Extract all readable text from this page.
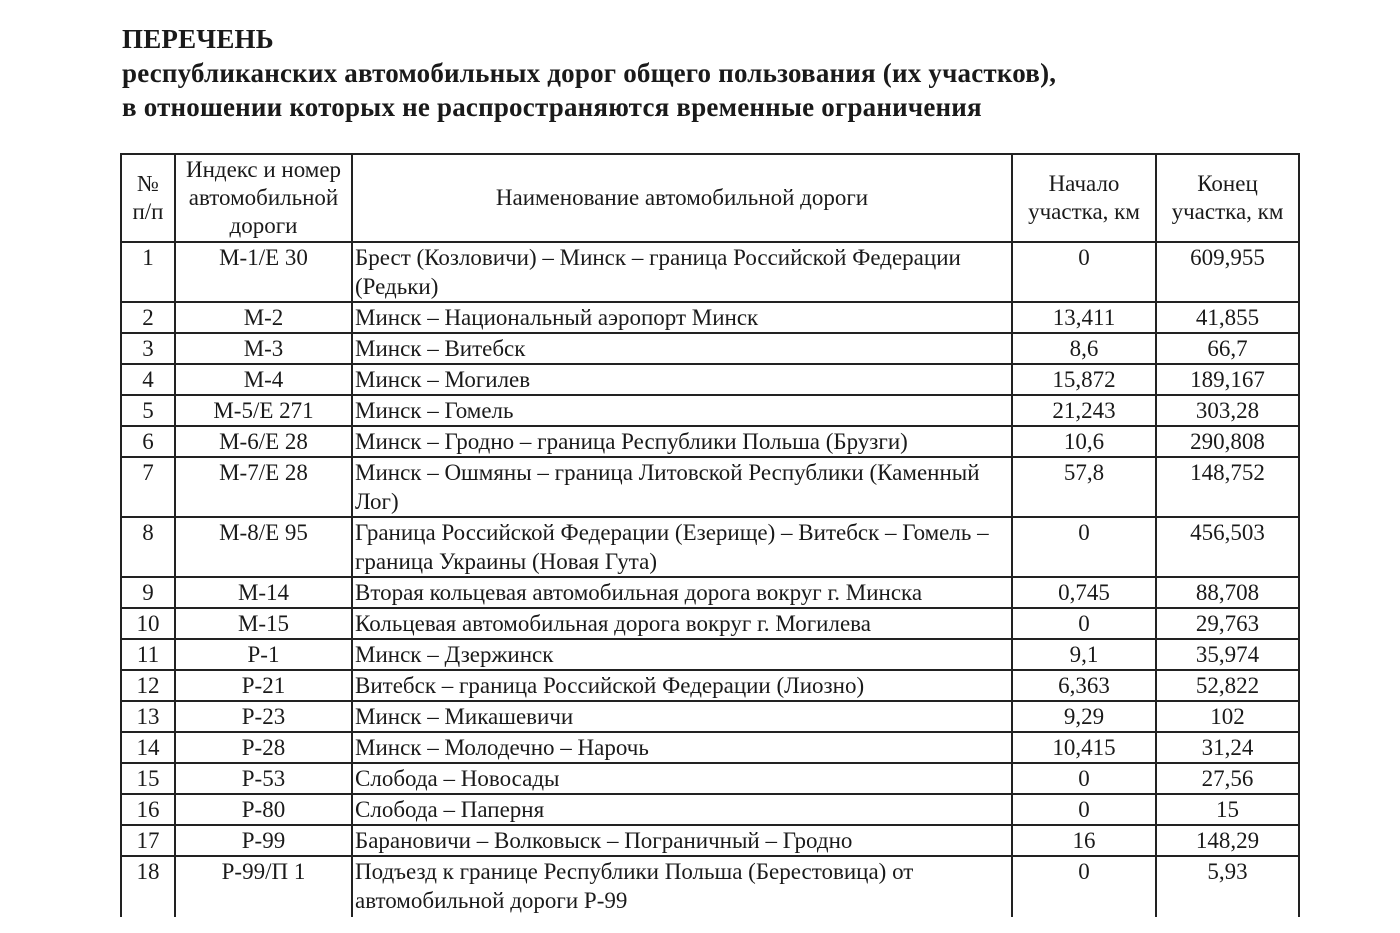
ПЕРЕЧЕНЬ
республиканских автомобильных дорог общего пользования (их участков),
в отношении которых не распространяются временные ограничения
№ п/п	Индекс и номер автомобильной дороги	Наименование автомобильной дороги	Начало участка, км	Конец участка, км
1	М-1/Е 30	Брест (Козловичи) – Минск – граница Российской Федерации (Редьки)	0	609,955
2	М-2	Минск – Национальный аэропорт Минск	13,411	41,855
3	М-3	Минск – Витебск	8,6	66,7
4	М-4	Минск – Могилев	15,872	189,167
5	М-5/Е 271	Минск – Гомель	21,243	303,28
6	М-6/Е 28	Минск – Гродно – граница Республики Польша (Брузги)	10,6	290,808
7	М-7/Е 28	Минск – Ошмяны – граница Литовской Республики (Каменный Лог)	57,8	148,752
8	М-8/Е 95	Граница Российской Федерации (Езерище) – Витебск – Гомель – граница Украины (Новая Гута)	0	456,503
9	М-14	Вторая кольцевая автомобильная дорога вокруг г. Минска	0,745	88,708
10	М-15	Кольцевая автомобильная дорога вокруг г. Могилева	0	29,763
11	Р-1	Минск – Дзержинск	9,1	35,974
12	Р-21	Витебск – граница Российской Федерации (Лиозно)	6,363	52,822
13	Р-23	Минск – Микашевичи	9,29	102
14	Р-28	Минск – Молодечно – Нарочь	10,415	31,24
15	Р-53	Слобода – Новосады	0	27,56
16	Р-80	Слобода – Паперня	0	15
17	Р-99	Барановичи – Волковыск – Пограничный – Гродно	16	148,29
18	Р-99/П 1	Подъезд к границе Республики Польша (Берестовица) от автомобильной дороги Р-99	0	5,93
